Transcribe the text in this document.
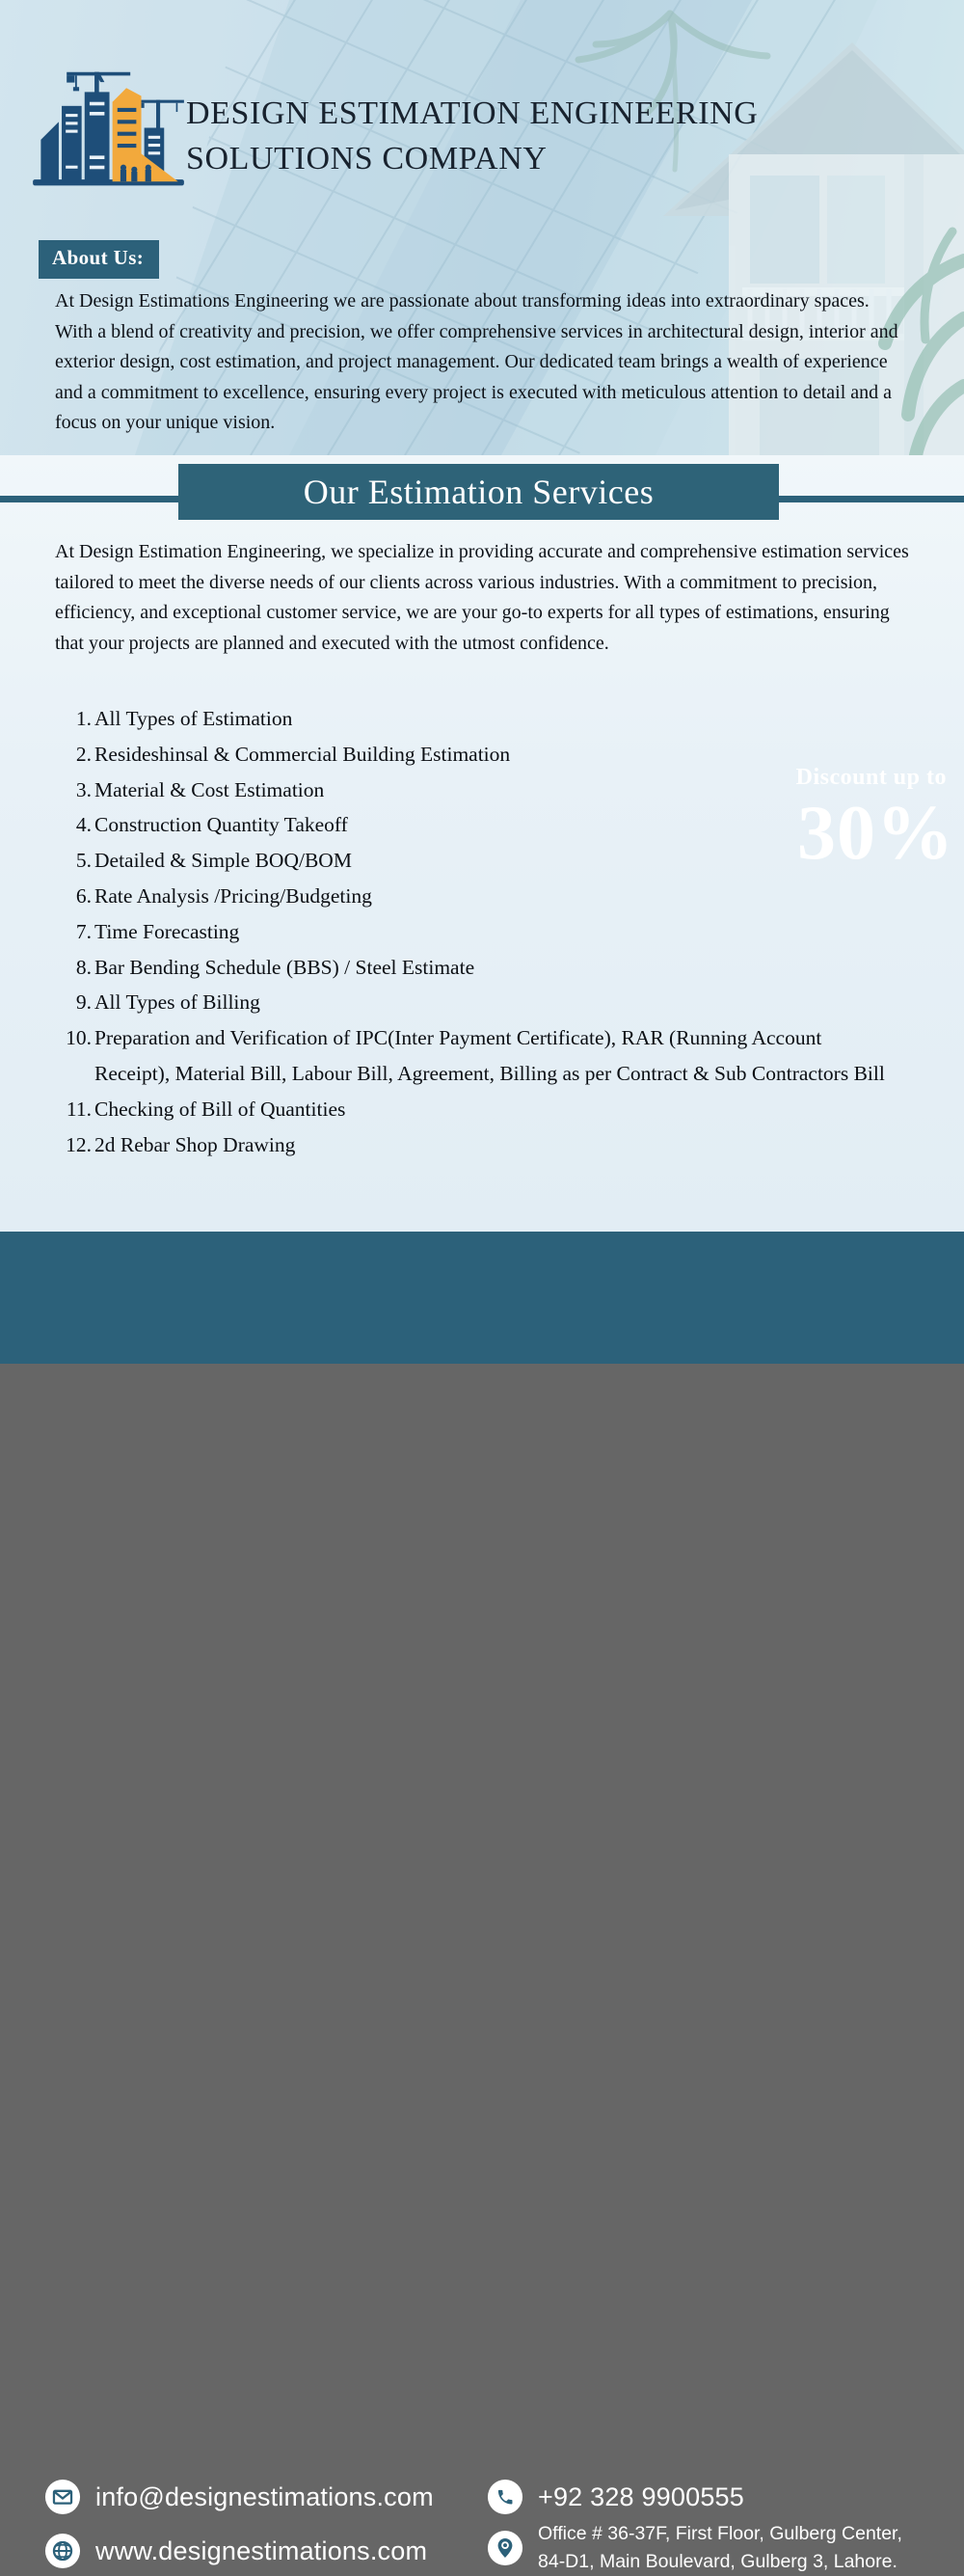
DESIGN ESTIMATION ENGINEERING
SOLUTIONS COMPANY
About Us:

At Design Estimations Engineering we are passionate about transforming ideas into extraordinary spaces. With a blend of creativity and precision, we offer comprehensive services in architectural design, interior and exterior design, cost estimation, and project management. Our dedicated team brings a wealth of experience and a commitment to excellence, ensuring every project is executed with meticulous attention to detail and a focus on your unique vision.

Our Estimation Services

At Design Estimation Engineering, we specialize in providing accurate and comprehensive estimation services tailored to meet the diverse needs of our clients across various industries. With a commitment to precision, efficiency, and exceptional customer service, we are your go-to experts for all types of estimations, ensuring that your projects are planned and executed with the utmost confidence.

1. All Types of Estimation
2. Resideshinsal & Commercial Building Estimation
3. Material & Cost Estimation
4. Construction Quantity Takeoff
5. Detailed & Simple BOQ/BOM
6. Rate Analysis /Pricing/Budgeting
7. Time Forecasting
8. Bar Bending Schedule (BBS) / Steel Estimate
9. All Types of Billing
10. Preparation and Verification of IPC(Inter Payment Certificate), RAR (Running Account Receipt), Material Bill, Labour Bill, Agreement, Billing as per Contract & Sub Contractors Bill
11. Checking of Bill of Quantities
12. 2d Rebar Shop Drawing
Discount up to
30%
info@designestimations.com
www.designestimations.com
+92 328 9900555
Office # 36-37F, First Floor, Gulberg Center,
84-D1, Main Boulevard, Gulberg 3, Lahore.
